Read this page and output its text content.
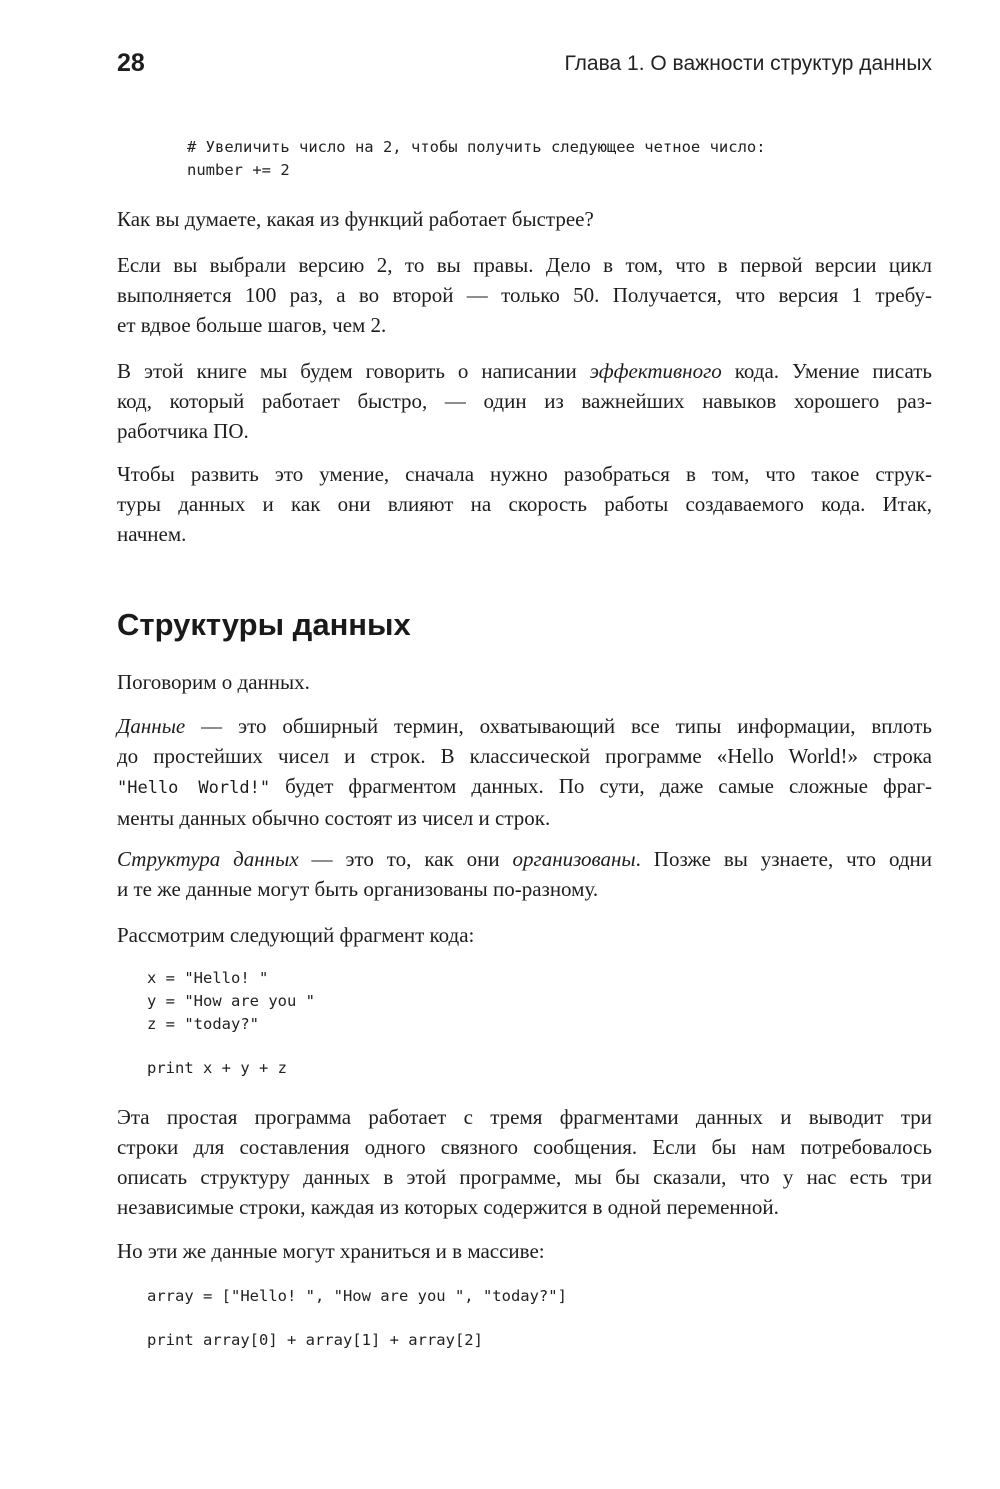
28	Глава 1. О важности структур данных
# Увеличить число на 2, чтобы получить следующее четное число:
number += 2

Как вы думаете, какая из функций работает быстрее?

Если вы выбрали версию 2, то вы правы. Дело в том, что в первой версии цикл
выполняется 100 раз, а во второй — только 50. Получается, что версия 1 требу-
ет вдвое больше шагов, чем 2.

В этой книге мы будем говорить о написании эффективного кода. Умение писать
код, который работает быстро, — один из важнейших навыков хорошего раз-
работчика ПО.

Чтобы развить это умение, сначала нужно разобраться в том, что такое струк-
туры данных и как они влияют на скорость работы создаваемого кода. Итак,
начнем.

Структуры данных

Поговорим о данных.

Данные — это обширный термин, охватывающий все типы информации, вплоть
до простейших чисел и строк. В классической программе «Hello World!» строка
"Hello World!" будет фрагментом данных. По сути, даже самые сложные фраг-
менты данных обычно состоят из чисел и строк.

Структура данных — это то, как они организованы. Позже вы узнаете, что одни
и те же данные могут быть организованы по-разному.

Рассмотрим следующий фрагмент кода:

x = "Hello! "
y = "How are you "
z = "today?"
print x + y + z

Эта простая программа работает с тремя фрагментами данных и выводит три
строки для составления одного связного сообщения. Если бы нам потребовалось
описать структуру данных в этой программе, мы бы сказали, что у нас есть три
независимые строки, каждая из которых содержится в одной переменной.

Но эти же данные могут храниться и в массиве:

array = ["Hello! ", "How are you ", "today?"]
print array[0] + array[1] + array[2]
